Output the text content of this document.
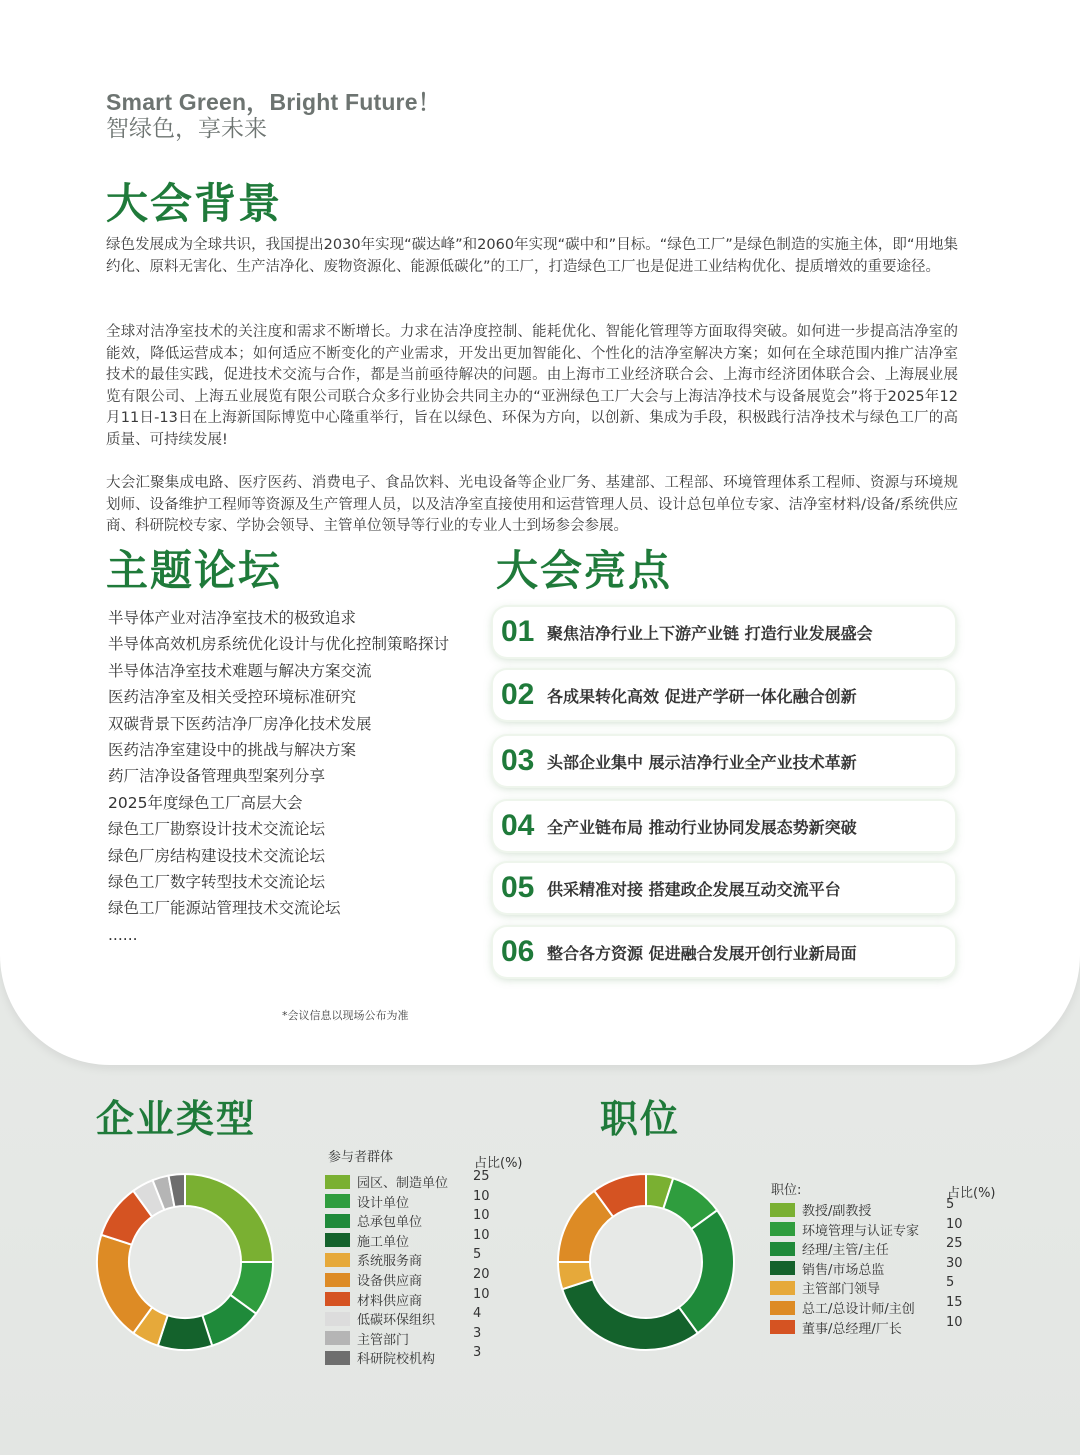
Smart Green，Bright Future！
智绿色，享未来
大会背景

绿色发展成为全球共识，我国提出2030年实现“碳达峰”和2060年实现“碳中和”目标。“绿色工厂”是绿色制造的实施主体，即“用地集约化、原料无害化、生产洁净化、废物资源化、能源低碳化”的工厂，打造绿色工厂也是促进工业结构优化、提质增效的重要途径。

全球对洁净室技术的关注度和需求不断增长。力求在洁净度控制、能耗优化、智能化管理等方面取得突破。如何进一步提高洁净室的能效，降低运营成本；如何适应不断变化的产业需求，开发出更加智能化、个性化的洁净室解决方案；如何在全球范围内推广洁净室技术的最佳实践，促进技术交流与合作，都是当前亟待解决的问题。由上海市工业经济联合会、上海市经济团体联合会、上海展业展览有限公司、上海五业展览有限公司联合众多行业协会共同主办的“亚洲绿色工厂大会与上海洁净技术与设备展览会”将于2025年12月11日-13日在上海新国际博览中心隆重举行，旨在以绿色、环保为方向，以创新、集成为手段，积极践行洁净技术与绿色工厂的高质量、可持续发展!

大会汇聚集成电路、医疗医药、消费电子、食品饮料、光电设备等企业厂务、基建部、工程部、环境管理体系工程师、资源与环境规划师、设备维护工程师等资源及生产管理人员，以及洁净室直接使用和运营管理人员、设计总包单位专家、洁净室材料/设备/系统供应商、科研院校专家、学协会领导、主管单位领导等行业的专业人士到场参会参展。

主题论坛
半导体产业对洁净室技术的极致追求
半导体高效机房系统优化设计与优化控制策略探讨
半导体洁净室技术难题与解决方案交流
医药洁净室及相关受控环境标准研究
双碳背景下医药洁净厂房净化技术发展
医药洁净室建设中的挑战与解决方案
药厂洁净设备管理典型案列分享
2025年度绿色工厂高层大会
绿色工厂勘察设计技术交流论坛
绿色厂房结构建设技术交流论坛
绿色工厂数字转型技术交流论坛
绿色工厂能源站管理技术交流论坛
......
大会亮点
01 聚焦洁净行业上下游产业链 打造行业发展盛会
02 各成果转化高效 促进产学研一体化融合创新
03 头部企业集中 展示洁净行业全产业技术革新
04 全产业链布局 推动行业协同发展态势新突破
05 供采精准对接 搭建政企发展互动交流平台
06 整合各方资源 促进融合发展开创行业新局面
*会议信息以现场公布为准
企业类型
参与者群体	占比(%)
园区、制造单位 25
设计单位	10
总承包单位	10
施工单位	10
系统服务商	5
设备供应商	20
材料供应商	10
低碳环保组织	4
主管部门	3
科研院校机构	3
职位
职位:	占比(%)
教授/副教授	5
环境管理与认证专家 10
经理/主管/主任	25
销售/市场总监	30
主管部门领导	5
总工/总设计师/主创 15
董事/总经理/厂长	10
